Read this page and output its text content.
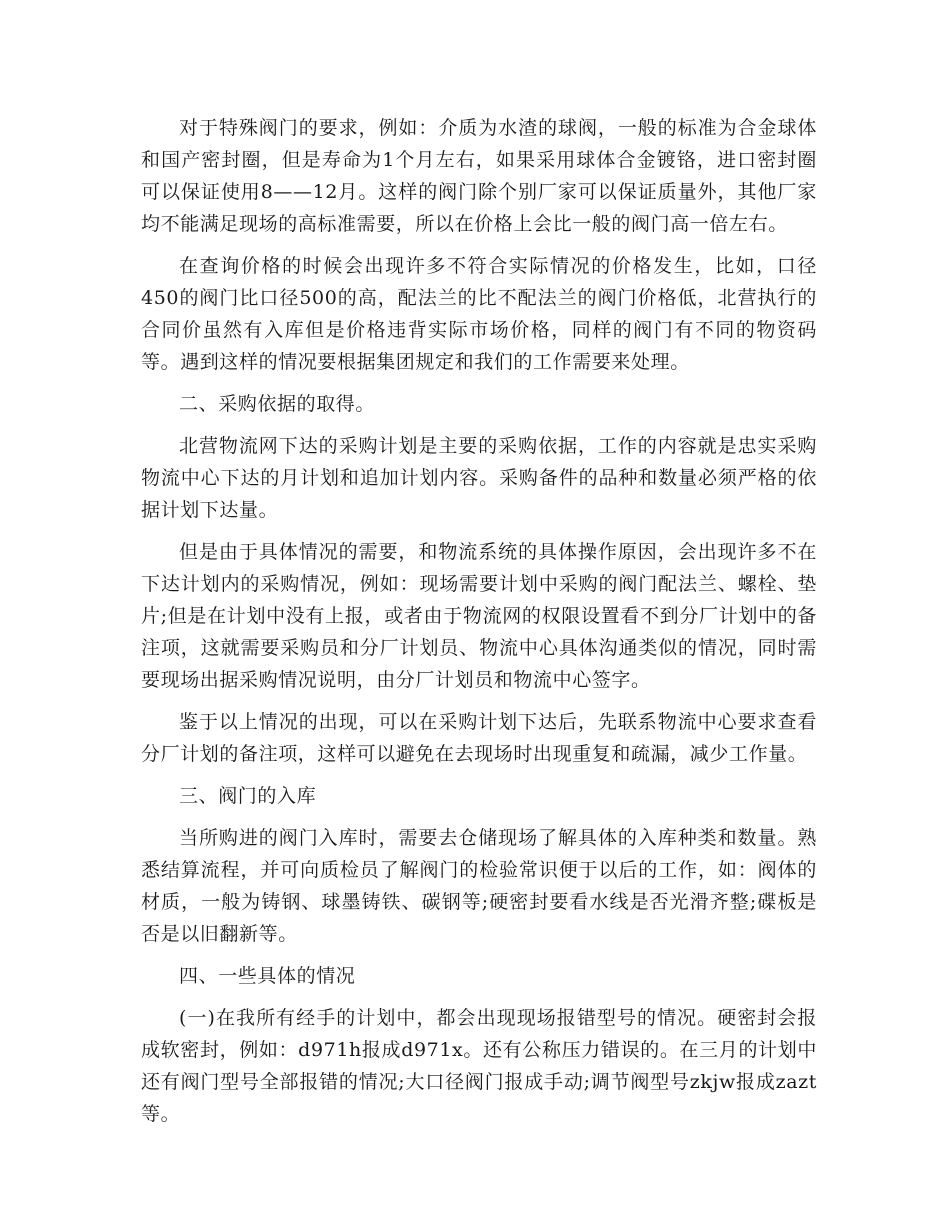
对于特殊阀门的要求，例如：介质为水渣的球阀，一般的标准为合金球体和国产密封圈，但是寿命为1个月左右，如果采用球体合金镀铬，进口密封圈可以保证使用8——12月。这样的阀门除个别厂家可以保证质量外，其他厂家均不能满足现场的高标准需要，所以在价格上会比一般的阀门高一倍左右。

在查询价格的时候会出现许多不符合实际情况的价格发生，比如，口径450的阀门比口径500的高，配法兰的比不配法兰的阀门价格低，北营执行的合同价虽然有入库但是价格违背实际市场价格，同样的阀门有不同的物资码等。遇到这样的情况要根据集团规定和我们的工作需要来处理。

二、采购依据的取得。

北营物流网下达的采购计划是主要的采购依据，工作的内容就是忠实采购物流中心下达的月计划和追加计划内容。采购备件的品种和数量必须严格的依据计划下达量。

但是由于具体情况的需要，和物流系统的具体操作原因，会出现许多不在下达计划内的采购情况，例如：现场需要计划中采购的阀门配法兰、螺栓、垫片;但是在计划中没有上报，或者由于物流网的权限设置看不到分厂计划中的备注项，这就需要采购员和分厂计划员、物流中心具体沟通类似的情况，同时需要现场出据采购情况说明，由分厂计划员和物流中心签字。

鉴于以上情况的出现，可以在采购计划下达后，先联系物流中心要求查看分厂计划的备注项，这样可以避免在去现场时出现重复和疏漏，减少工作量。

三、阀门的入库

当所购进的阀门入库时，需要去仓储现场了解具体的入库种类和数量。熟悉结算流程，并可向质检员了解阀门的检验常识便于以后的工作，如：阀体的材质，一般为铸钢、球墨铸铁、碳钢等;硬密封要看水线是否光滑齐整;碟板是否是以旧翻新等。

四、一些具体的情况

(一)在我所有经手的计划中，都会出现现场报错型号的情况。硬密封会报成软密封，例如：d971h报成d971x。还有公称压力错误的。在三月的计划中还有阀门型号全部报错的情况;大口径阀门报成手动;调节阀型号zkjw报成zazt等。
